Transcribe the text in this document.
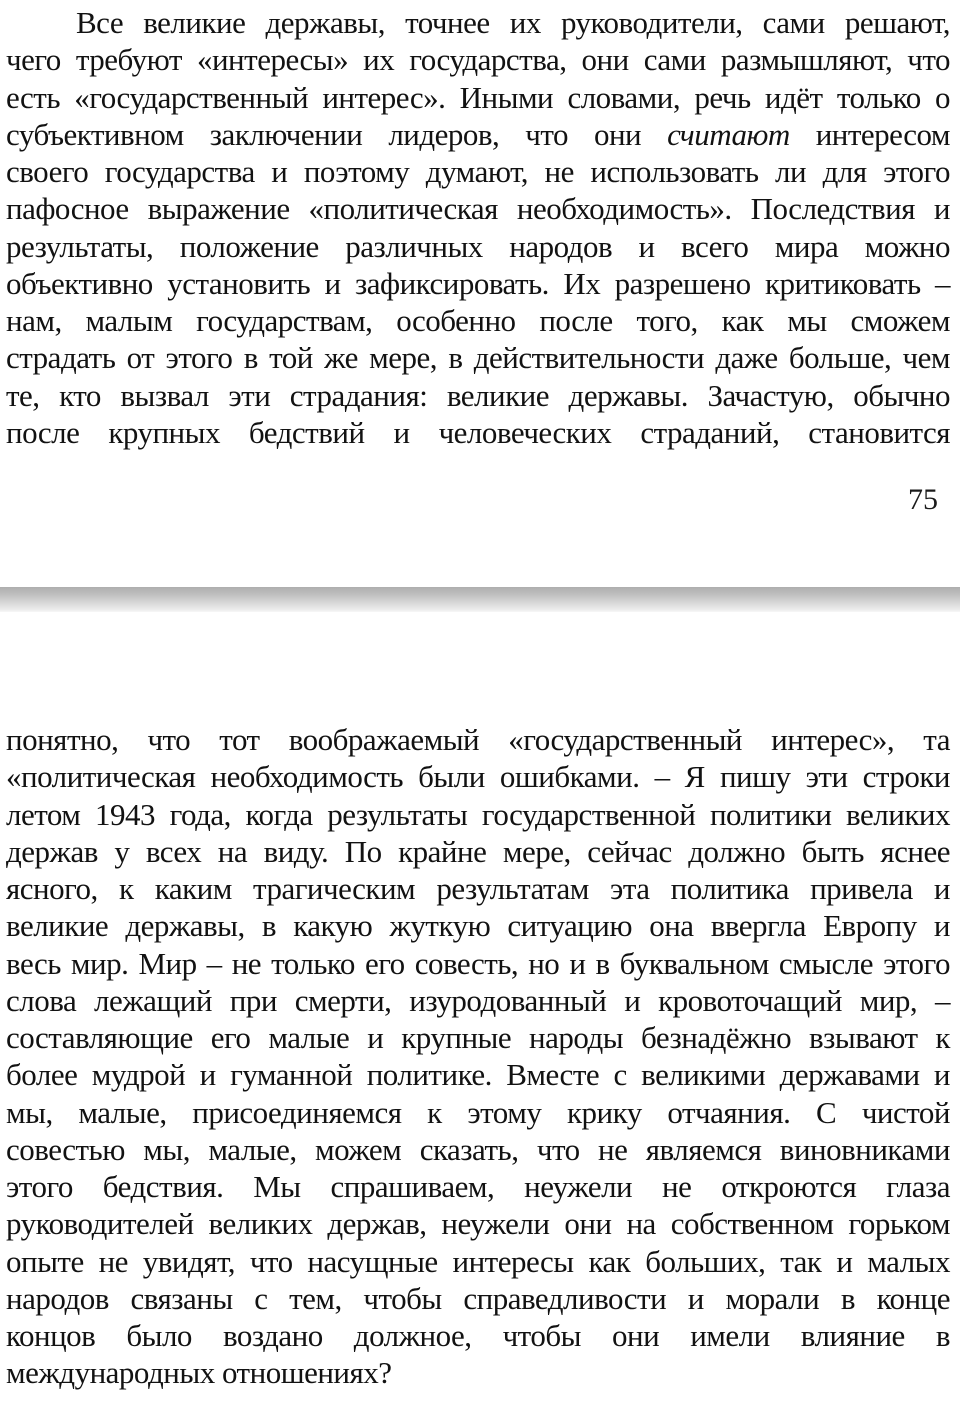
Все великие державы, точнее их руководители, сами решают,
чего требуют «интересы» их государства, они сами размышляют, что
есть «государственный интерес». Иными словами, речь идёт только о
субъективном заключении лидеров, что они считают интересом
своего государства и поэтому думают, не использовать ли для этого
пафосное выражение «политическая необходимость». Последствия и
результаты, положение различных народов и всего мира можно
объективно установить и зафиксировать. Их разрешено критиковать –
нам, малым государствам, особенно после того, как мы сможем
страдать от этого в той же мере, в действительности даже больше, чем
те, кто вызвал эти страдания: великие державы. Зачастую, обычно
после крупных бедствий и человеческих страданий, становится
75
понятно, что тот воображаемый «государственный интерес», та
«политическая необходимость были ошибками. – Я пишу эти строки
летом 1943 года, когда результаты государственной политики великих
держав у всех на виду. По крайне мере, сейчас должно быть яснее
ясного, к каким трагическим результатам эта политика привела и
великие державы, в какую жуткую ситуацию она ввергла Европу и
весь мир. Мир – не только его совесть, но и в буквальном смысле этого
слова лежащий при смерти, изуродованный и кровоточащий мир, –
составляющие его малые и крупные народы безнадёжно взывают к
более мудрой и гуманной политике. Вместе с великими державами и
мы, малые, присоединяемся к этому крику отчаяния. С чистой
совестью мы, малые, можем сказать, что не являемся виновниками
этого бедствия. Мы спрашиваем, неужели не откроются глаза
руководителей великих держав, неужели они на собственном горьком
опыте не увидят, что насущные интересы как больших, так и малых
народов связаны с тем, чтобы справедливости и морали в конце
концов было воздано должное, чтобы они имели влияние в
международных отношениях?
